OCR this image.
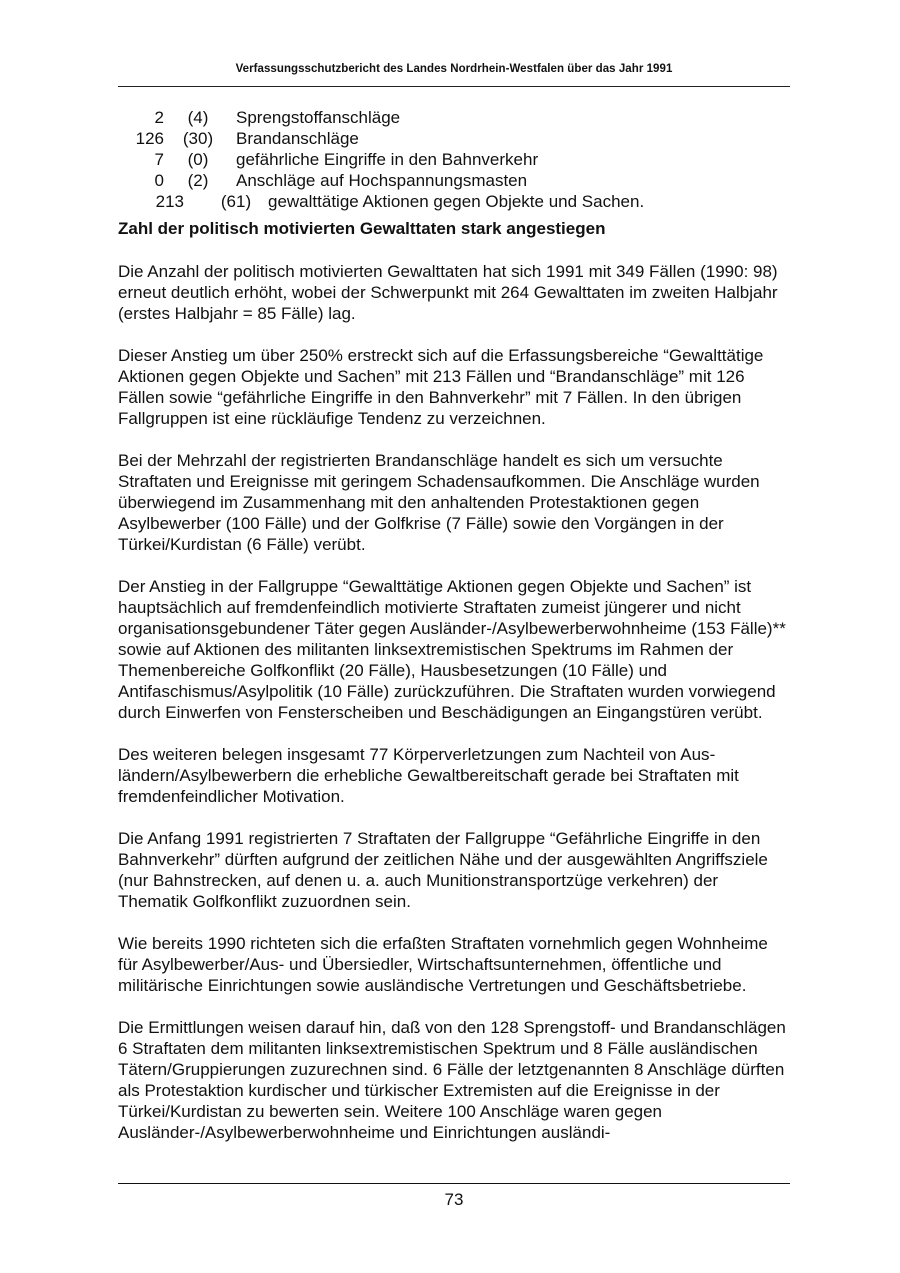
Verfassungsschutzbericht des Landes Nordrhein-Westfalen über das Jahr 1991
2	(4)	Sprengstoffanschläge
126 (30) Brandanschläge
7	(0)	gefährliche Eingriffe in den Bahnverkehr
0	(2)	Anschläge auf Hochspannungsmasten
213 (61) gewalttätige Aktionen gegen Objekte und Sachen.
Zahl der politisch motivierten Gewalttaten stark angestiegen

Die Anzahl der politisch motivierten Gewalttaten hat sich 1991 mit 349 Fällen (1990: 98) erneut deutlich erhöht, wobei der Schwerpunkt mit 264 Gewalttaten im zweiten Halbjahr (erstes Halbjahr = 85 Fälle) lag.

Dieser Anstieg um über 250% erstreckt sich auf die Erfassungsbereiche “Gewalttätige Aktionen gegen Objekte und Sachen” mit 213 Fällen und “Brandanschläge” mit 126 Fällen sowie “gefährliche Eingriffe in den Bahnverkehr” mit 7 Fällen. In den übrigen Fallgruppen ist eine rückläufige Tendenz zu verzeichnen.

Bei der Mehrzahl der registrierten Brandanschläge handelt es sich um versuchte Straftaten und Ereignisse mit geringem Schadensaufkommen. Die Anschläge wurden überwiegend im Zusammenhang mit den anhaltenden Protestaktionen gegen Asylbewerber (100 Fälle) und der Golfkrise (7 Fälle) sowie den Vorgängen in der Türkei/Kurdistan (6 Fälle) verübt.

Der Anstieg in der Fallgruppe “Gewalttätige Aktionen gegen Objekte und Sachen” ist hauptsächlich auf fremdenfeindlich motivierte Straftaten zumeist jüngerer und nicht organisationsgebundener Täter gegen Ausländer-/Asylbewerberwohnheime (153 Fälle)** sowie auf Aktionen des militanten linksextremistischen Spektrums im Rahmen der Themenbereiche Golfkonflikt (20 Fälle), Hausbesetzungen (10 Fälle) und Antifaschismus/Asylpolitik (10 Fälle) zurückzuführen. Die Straftaten wurden vorwiegend durch Einwerfen von Fensterscheiben und Beschädigungen an Eingangstüren verübt.

Des weiteren belegen insgesamt 77 Körperverletzungen zum Nachteil von Ausländern/Asylbewerbern die erhebliche Gewaltbereitschaft gerade bei Straftaten mit fremdenfeindlicher Motivation.

Die Anfang 1991 registrierten 7 Straftaten der Fallgruppe “Gefährliche Eingriffe in den Bahnverkehr” dürften aufgrund der zeitlichen Nähe und der ausgewählten Angriffsziele (nur Bahnstrecken, auf denen u. a. auch Munitionstransportzüge verkehren) der Thematik Golfkonflikt zuzuordnen sein.

Wie bereits 1990 richteten sich die erfaßten Straftaten vornehmlich gegen Wohnheime für Asylbewerber/Aus- und Übersiedler, Wirtschaftsunternehmen, öffentliche und militärische Einrichtungen sowie ausländische Vertretungen und Geschäftsbetriebe.

Die Ermittlungen weisen darauf hin, daß von den 128 Sprengstoff- und Brandanschlägen 6 Straftaten dem militanten linksextremistischen Spektrum und 8 Fälle ausländischen Tätern/Gruppierungen zuzurechnen sind. 6 Fälle der letztgenannten 8 Anschläge dürften als Protestaktion kurdischer und türkischer Extremisten auf die Ereignisse in der Türkei/Kurdistan zu bewerten sein. Weitere 100 Anschläge waren gegen Ausländer-/Asylbewerberwohnheime und Einrichtungen ausländi-

73
